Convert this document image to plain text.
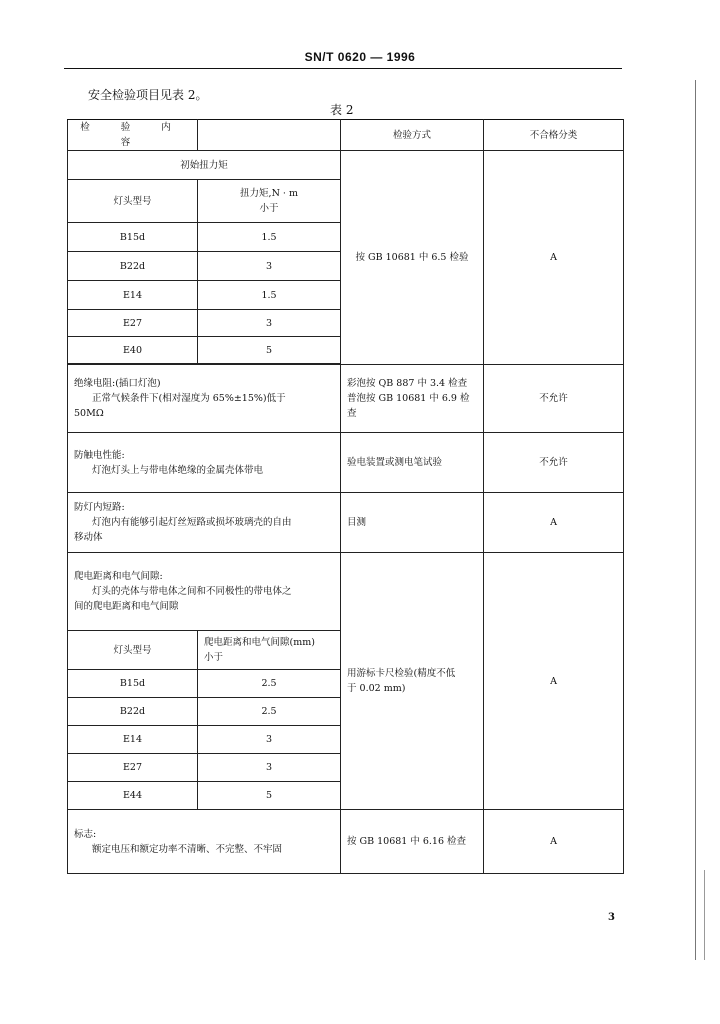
SN/T 0620 — 1996
安全检验项目见表 2。
表 2
检 验 内 容		检验方式	不合格分类
初始扭力矩		按 GB 10681 中 6.5 检验	A
灯头型号	扭力矩,N · m
小于		
B15d	1.5		
B22d	3		
E14	1.5		
E27	3		
E40	5		

绝缘电阻:(插口灯泡)
正常气候条件下(相对湿度为 65%±15%)低于
50MΩ		彩泡按 QB 887 中 3.4 检查
普泡按 GB 10681 中 6.9 检
查	不允许

防触电性能:
灯泡灯头上与带电体绝缘的金属壳体带电		验电装置或测电笔试验	不允许

防灯内短路:
灯泡内有能够引起灯丝短路或损坏玻璃壳的自由
移动体		目测	A

爬电距离和电气间隙:
灯头的壳体与带电体之间和不同极性的带电体之
间的爬电距离和电气间隙		用游标卡尺检验(精度不低
于 0.02 mm)	A
灯头型号	爬电距离和电气间隙(mm)
小于		

B15d	2.5		
B22d	2.5		
E14	3		
E27	3		
E44	5		

标志:
额定电压和额定功率不清晰、不完整、不牢固		按 GB 10681 中 6.16 检查	A
3
